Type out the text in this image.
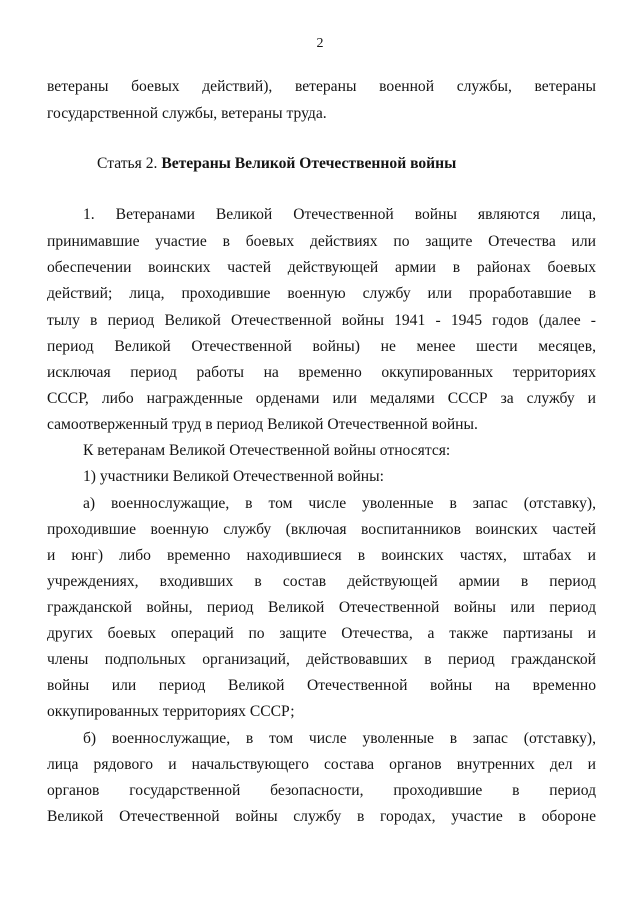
2
ветераны боевых действий), ветераны военной службы, ветераны
государственной службы, ветераны труда.
Статья 2. Ветераны Великой Отечественной войны
1. Ветеранами Великой Отечественной войны являются лица,
принимавшие участие в боевых действиях по защите Отечества или
обеспечении воинских частей действующей армии в районах боевых
действий; лица, проходившие военную службу или проработавшие в
тылу в период Великой Отечественной войны 1941 - 1945 годов (далее -
период Великой Отечественной войны) не менее шести месяцев,
исключая период работы на временно оккупированных территориях
СССР, либо награжденные орденами или медалями СССР за службу и
самоотверженный труд в период Великой Отечественной войны.
К ветеранам Великой Отечественной войны относятся:
1) участники Великой Отечественной войны:
а) военнослужащие, в том числе уволенные в запас (отставку),
проходившие военную службу (включая воспитанников воинских частей
и юнг) либо временно находившиеся в воинских частях, штабах и
учреждениях, входивших в состав действующей армии в период
гражданской войны, период Великой Отечественной войны или период
других боевых операций по защите Отечества, а также партизаны и
члены подпольных организаций, действовавших в период гражданской
войны или период Великой Отечественной войны на временно
оккупированных территориях СССР;
б) военнослужащие, в том числе уволенные в запас (отставку),
лица рядового и начальствующего состава органов внутренних дел и
органов государственной безопасности, проходившие в период
Великой Отечественной войны службу в городах, участие в обороне
